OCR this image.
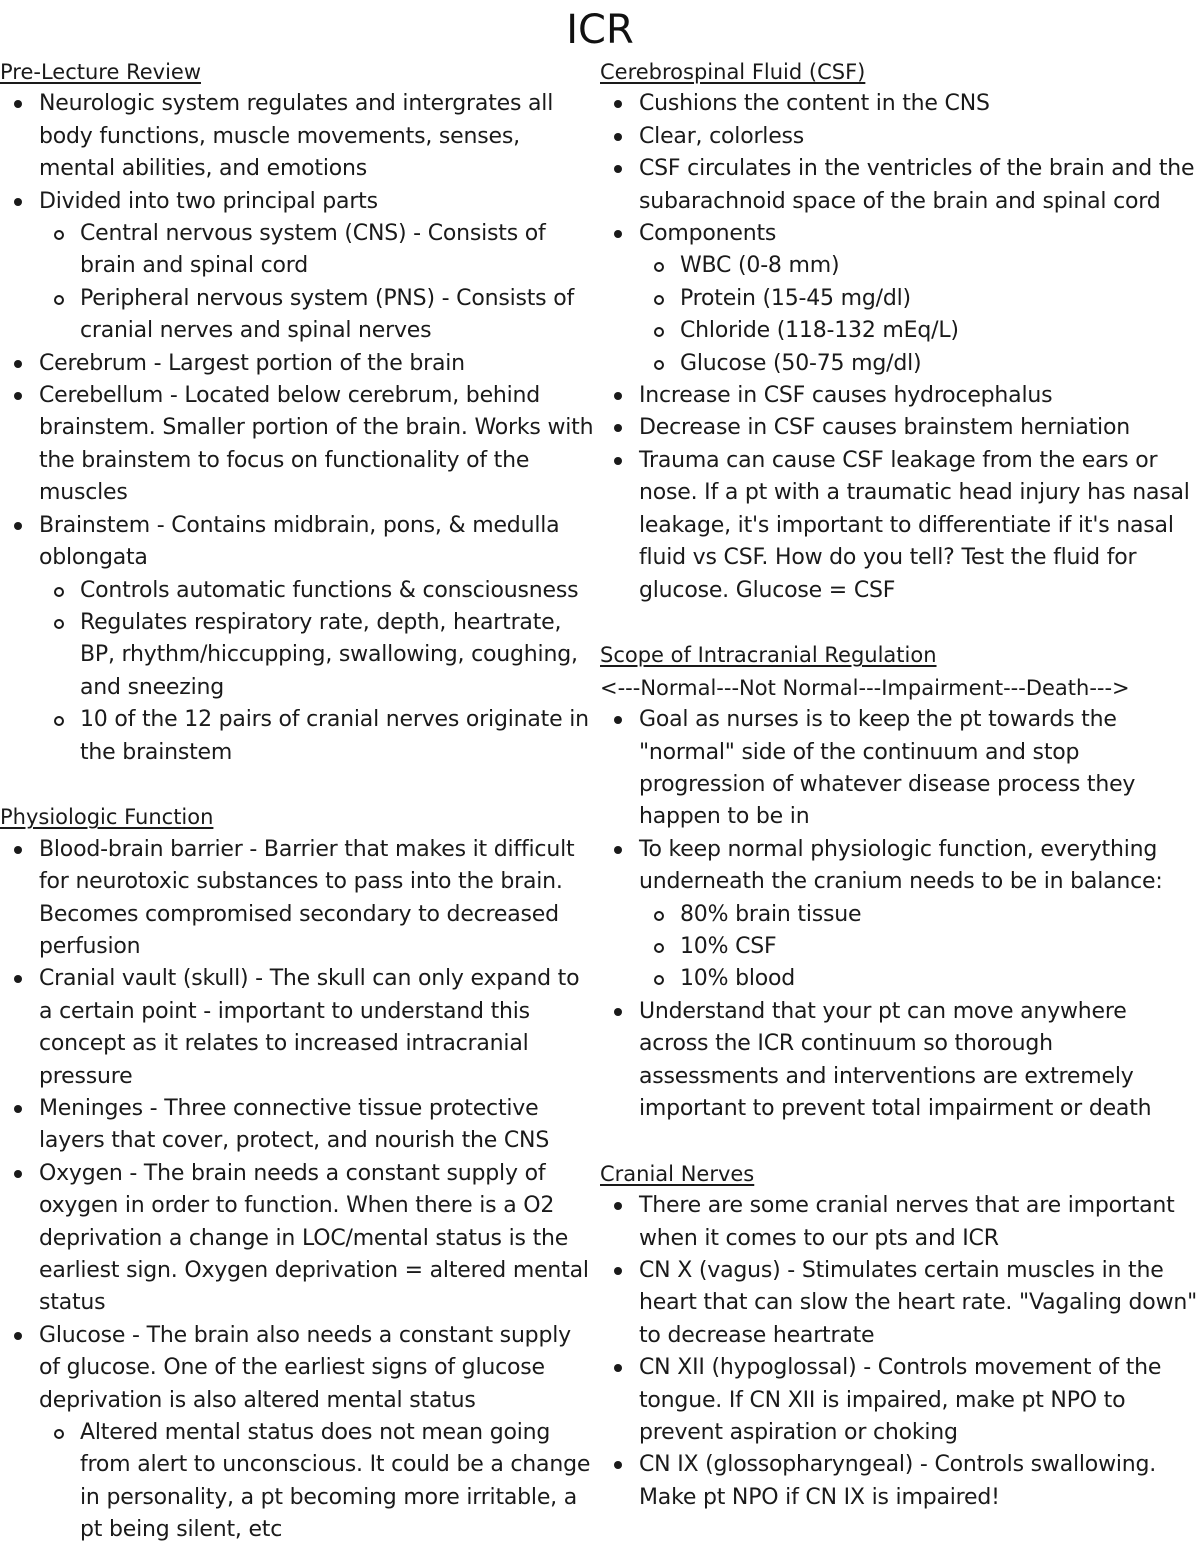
ICR
Pre-Lecture Review
Neurologic system regulates and intergrates all body functions, muscle movements, senses, mental abilities, and emotions
Divided into two principal parts
Central nervous system (CNS) - Consists of brain and spinal cord
Peripheral nervous system (PNS) - Consists of cranial nerves and spinal nerves
Cerebrum - Largest portion of the brain
Cerebellum - Located below cerebrum, behind brainstem. Smaller portion of the brain. Works with the brainstem to focus on functionality of the muscles
Brainstem - Contains midbrain, pons, & medulla oblongata
Controls automatic functions & consciousness
Regulates respiratory rate, depth, heartrate, BP, rhythm/hiccupping, swallowing, coughing, and sneezing
10 of the 12 pairs of cranial nerves originate in the brainstem
Physiologic Function
Blood-brain barrier - Barrier that makes it difficult for neurotoxic substances to pass into the brain. Becomes compromised secondary to decreased perfusion
Cranial vault (skull) - The skull can only expand to a certain point - important to understand this concept as it relates to increased intracranial pressure
Meninges - Three connective tissue protective layers that cover, protect, and nourish the CNS
Oxygen - The brain needs a constant supply of oxygen in order to function. When there is a O2 deprivation a change in LOC/mental status is the earliest sign. Oxygen deprivation = altered mental status
Glucose - The brain also needs a constant supply of glucose. One of the earliest signs of glucose deprivation is also altered mental status
Altered mental status does not mean going from alert to unconscious. It could be a change in personality, a pt becoming more irritable, a pt being silent, etc
Cerebrospinal Fluid (CSF)
Cushions the content in the CNS
Clear, colorless
CSF circulates in the ventricles of the brain and the subarachnoid space of the brain and spinal cord
Components
WBC (0-8 mm)
Protein (15-45 mg/dl)
Chloride (118-132 mEq/L)
Glucose (50-75 mg/dl)
Increase in CSF causes hydrocephalus
Decrease in CSF causes brainstem herniation
Trauma can cause CSF leakage from the ears or nose. If a pt with a traumatic head injury has nasal leakage, it's important to differentiate if it's nasal fluid vs CSF. How do you tell? Test the fluid for glucose. Glucose = CSF
Scope of Intracranial Regulation
<---Normal---Not Normal---Impairment---Death--->
Goal as nurses is to keep the pt towards the "normal" side of the continuum and stop progression of whatever disease process they happen to be in
To keep normal physiologic function, everything underneath the cranium needs to be in balance:
80% brain tissue
10% CSF
10% blood
Understand that your pt can move anywhere across the ICR continuum so thorough assessments and interventions are extremely important to prevent total impairment or death
Cranial Nerves
There are some cranial nerves that are important when it comes to our pts and ICR
CN X (vagus) - Stimulates certain muscles in the heart that can slow the heart rate. "Vagaling down" to decrease heartrate
CN XII (hypoglossal) - Controls movement of the tongue. If CN XII is impaired, make pt NPO to prevent aspiration or choking
CN IX (glossopharyngeal) - Controls swallowing. Make pt NPO if CN IX is impaired!
